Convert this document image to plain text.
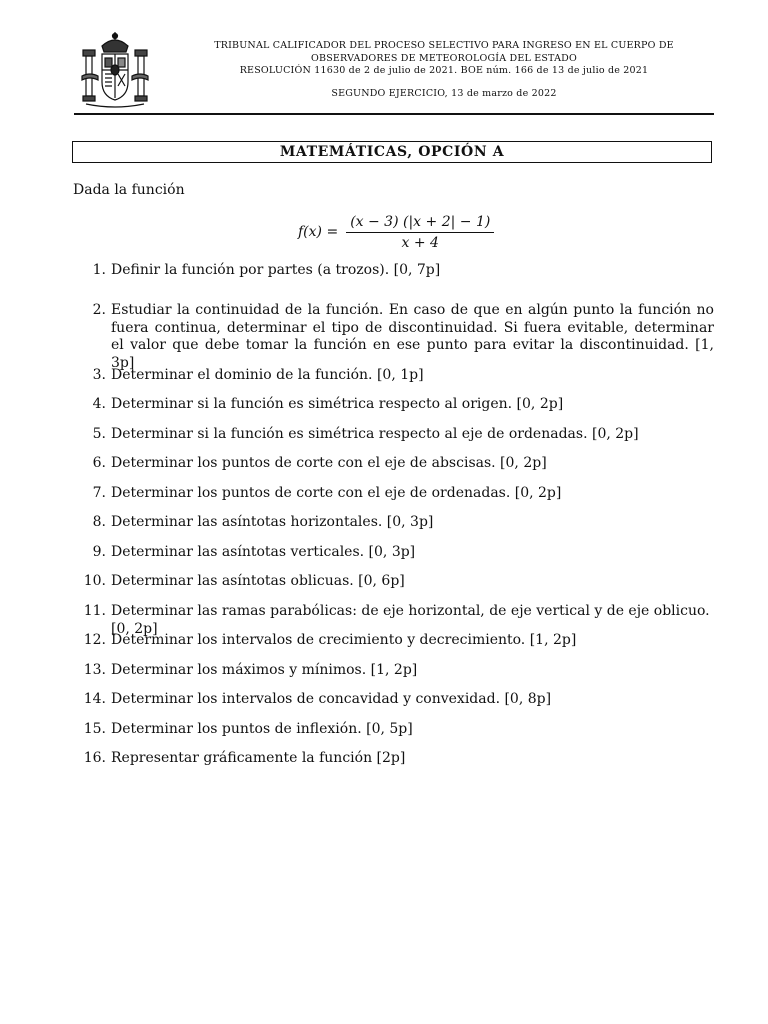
TRIBUNAL CALIFICADOR DEL PROCESO SELECTIVO PARA INGRESO EN EL CUERPO DE
OBSERVADORES DE METEOROLOGÍA DEL ESTADO
RESOLUCIÓN 11630 de 2 de julio de 2021. BOE núm. 166 de 13 de julio de 2021
SEGUNDO EJERCICIO, 13 de marzo de 2022
MATEMÁTICAS, OPCIÓN A
Dada la función
$f(x) = \frac{(x - 3) (|x + 2| - 1)}{x + 4}$
1. Definir la función por partes (a trozos). [0, 7p]
2. Estudiar la continuidad de la función. En caso de que en algún punto la función no fuera continua, determinar el tipo de discontinuidad. Si fuera evitable, determinar el valor que debe tomar la función en ese punto para evitar la discontinuidad. [1, 3p]
3. Determinar el dominio de la función. [0, 1p]
4. Determinar si la función es simétrica respecto al origen. [0, 2p]
5. Determinar si la función es simétrica respecto al eje de ordenadas. [0, 2p]
6. Determinar los puntos de corte con el eje de abscisas. [0, 2p]
7. Determinar los puntos de corte con el eje de ordenadas. [0, 2p]
8. Determinar las asíntotas horizontales. [0, 3p]
9. Determinar las asíntotas verticales. [0, 3p]
10. Determinar las asíntotas oblicuas. [0, 6p]
11. Determinar las ramas parabólicas: de eje horizontal, de eje vertical y de eje oblicuo. [0, 2p]
12. Determinar los intervalos de crecimiento y decrecimiento. [1, 2p]
13. Determinar los máximos y mínimos. [1, 2p]
14. Determinar los intervalos de concavidad y convexidad. [0, 8p]
15. Determinar los puntos de inflexión. [0, 5p]
16. Representar gráficamente la función [2p]
